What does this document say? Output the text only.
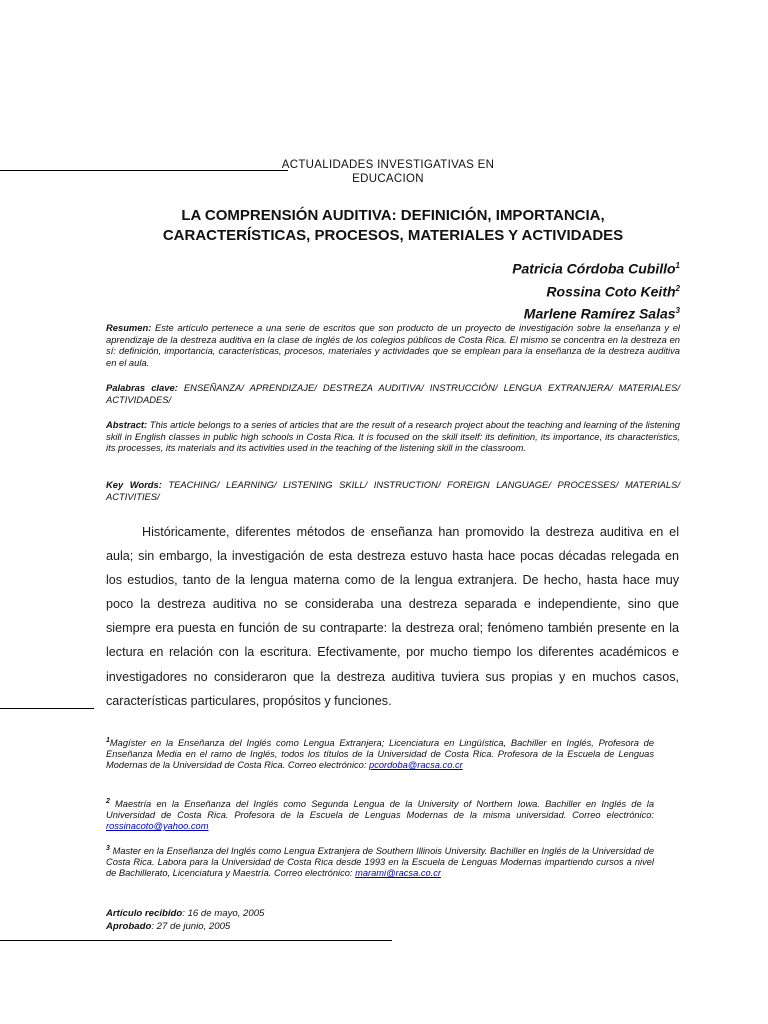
ACTUALIDADES INVESTIGATIVAS EN
EDUCACION
LA COMPRENSIÓN AUDITIVA: DEFINICIÓN, IMPORTANCIA,
CARACTERÍSTICAS, PROCESOS, MATERIALES Y ACTIVIDADES
Patricia Córdoba Cubillo$^1$
Rossina Coto Keith$^2$
Marlene Ramírez Salas$^3$
Resumen: Este artículo pertenece a una serie de escritos que son producto de un proyecto de investigación sobre la enseñanza y el aprendizaje de la destreza auditiva en la clase de inglés de los colegios públicos de Costa Rica. El mismo se concentra en la destreza en sí: definición, importancia, características, procesos, materiales y actividades que se emplean para la enseñanza de la destreza auditiva en el aula.
Palabras clave: ENSEÑANZA/ APRENDIZAJE/ DESTREZA AUDITIVA/ INSTRUCCIÓN/ LENGUA EXTRANJERA/ MATERIALES/ ACTIVIDADES/
Abstract: This article belongs to a series of articles that are the result of a research project about the teaching and learning of the listening skill in English classes in public high schools in Costa Rica. It is focused on the skill itself: its definition, its importance, its characteristics, its processes, its materials and its activities used in the teaching of the listening skill in the classroom.
Key Words: TEACHING/ LEARNING/ LISTENING SKILL/ INSTRUCTION/ FOREIGN LANGUAGE/ PROCESSES/ MATERIALS/ ACTIVITIES/

Históricamente, diferentes métodos de enseñanza han promovido la destreza auditiva en el aula; sin embargo, la investigación de esta destreza estuvo hasta hace pocas décadas relegada en los estudios, tanto de la lengua materna como de la lengua extranjera. De hecho, hasta hace muy poco la destreza auditiva no se consideraba una destreza separada e independiente, sino que siempre era puesta en función de su contraparte: la destreza oral; fenómeno también presente en la lectura en relación con la escritura. Efectivamente, por mucho tiempo los diferentes académicos e investigadores no consideraron que la destreza auditiva tuviera sus propias y en muchos casos, características particulares, propósitos y funciones.

$^1$Magíster en la Enseñanza del Inglés como Lengua Extranjera; Licenciatura en Lingüística, Bachiller en Inglés, Profesora de Enseñanza Media en el ramo de Inglés, todos los títulos de la Universidad de Costa Rica. Profesora de la Escuela de Lenguas Modernas de la Universidad de Costa Rica. Correo electrónico: pcordoba@racsa.co.cr
$^2$ Maestría en la Enseñanza del Inglés como Segunda Lengua de la University of Northern Iowa. Bachiller en Inglés de la Universidad de Costa Rica. Profesora de la Escuela de Lenguas Modernas de la misma universidad. Correo electrónico: rossinacoto@yahoo.com
$^3$ Master en la Enseñanza del Inglés como Lengua Extranjera de Southern Illinois University. Bachiller en Inglés de la Universidad de Costa Rica. Labora para la Universidad de Costa Rica desde 1993 en la Escuela de Lenguas Modernas impartiendo cursos a nivel de Bachillerato, Licenciatura y Maestría. Correo electrónico: marami@racsa.co.cr
Artículo recibido: 16 de mayo, 2005
Aprobado: 27 de junio, 2005
